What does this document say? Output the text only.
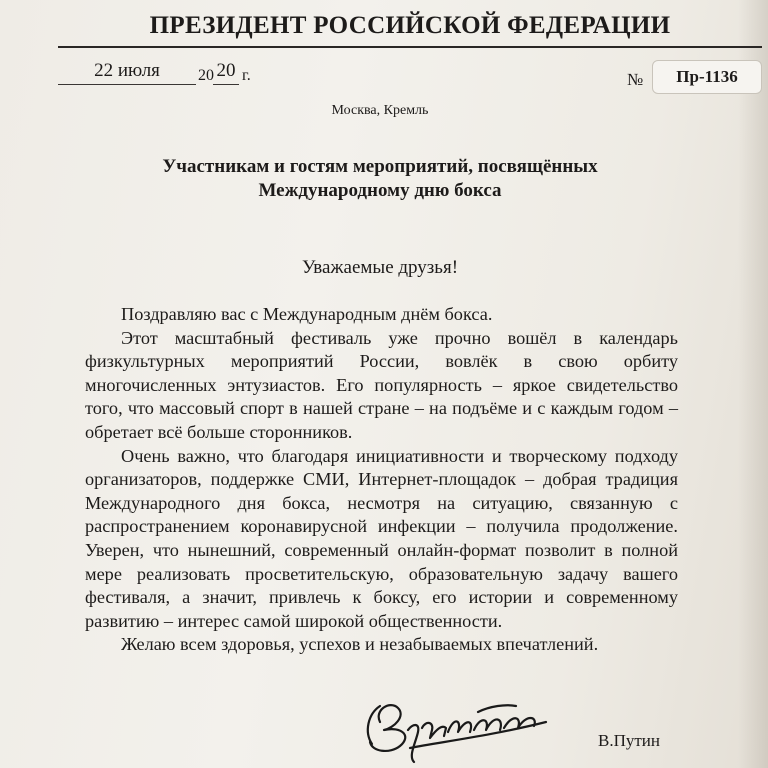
ПРЕЗИДЕНТ РОССИЙСКОЙ ФЕДЕРАЦИИ
22 июля	20 20 г.	№	Пр-1136
Москва, Кремль
Участникам и гостям мероприятий, посвящённых
Международному дню бокса
Уважаемые друзья!

Поздравляю вас с Международным днём бокса.

Этот масштабный фестиваль уже прочно вошёл в календарь физкультурных мероприятий России, вовлёк в свою орбиту многочисленных энтузиастов. Его популярность – яркое свидетельство того, что массовый спорт в нашей стране – на подъёме и с каждым годом – обретает всё больше сторонников.

Очень важно, что благодаря инициативности и творческому подходу организаторов, поддержке СМИ, Интернет-площадок – добрая традиция Международного дня бокса, несмотря на ситуацию, связанную с распространением коронавирусной инфекции – получила продолжение. Уверен, что нынешний, современный онлайн-формат позволит в полной мере реализовать просветительскую, образовательную задачу вашего фестиваля, а значит, привлечь к боксу, его истории и современному развитию – интерес самой широкой общественности.

Желаю всем здоровья, успехов и незабываемых впечатлений.

В.Путин
